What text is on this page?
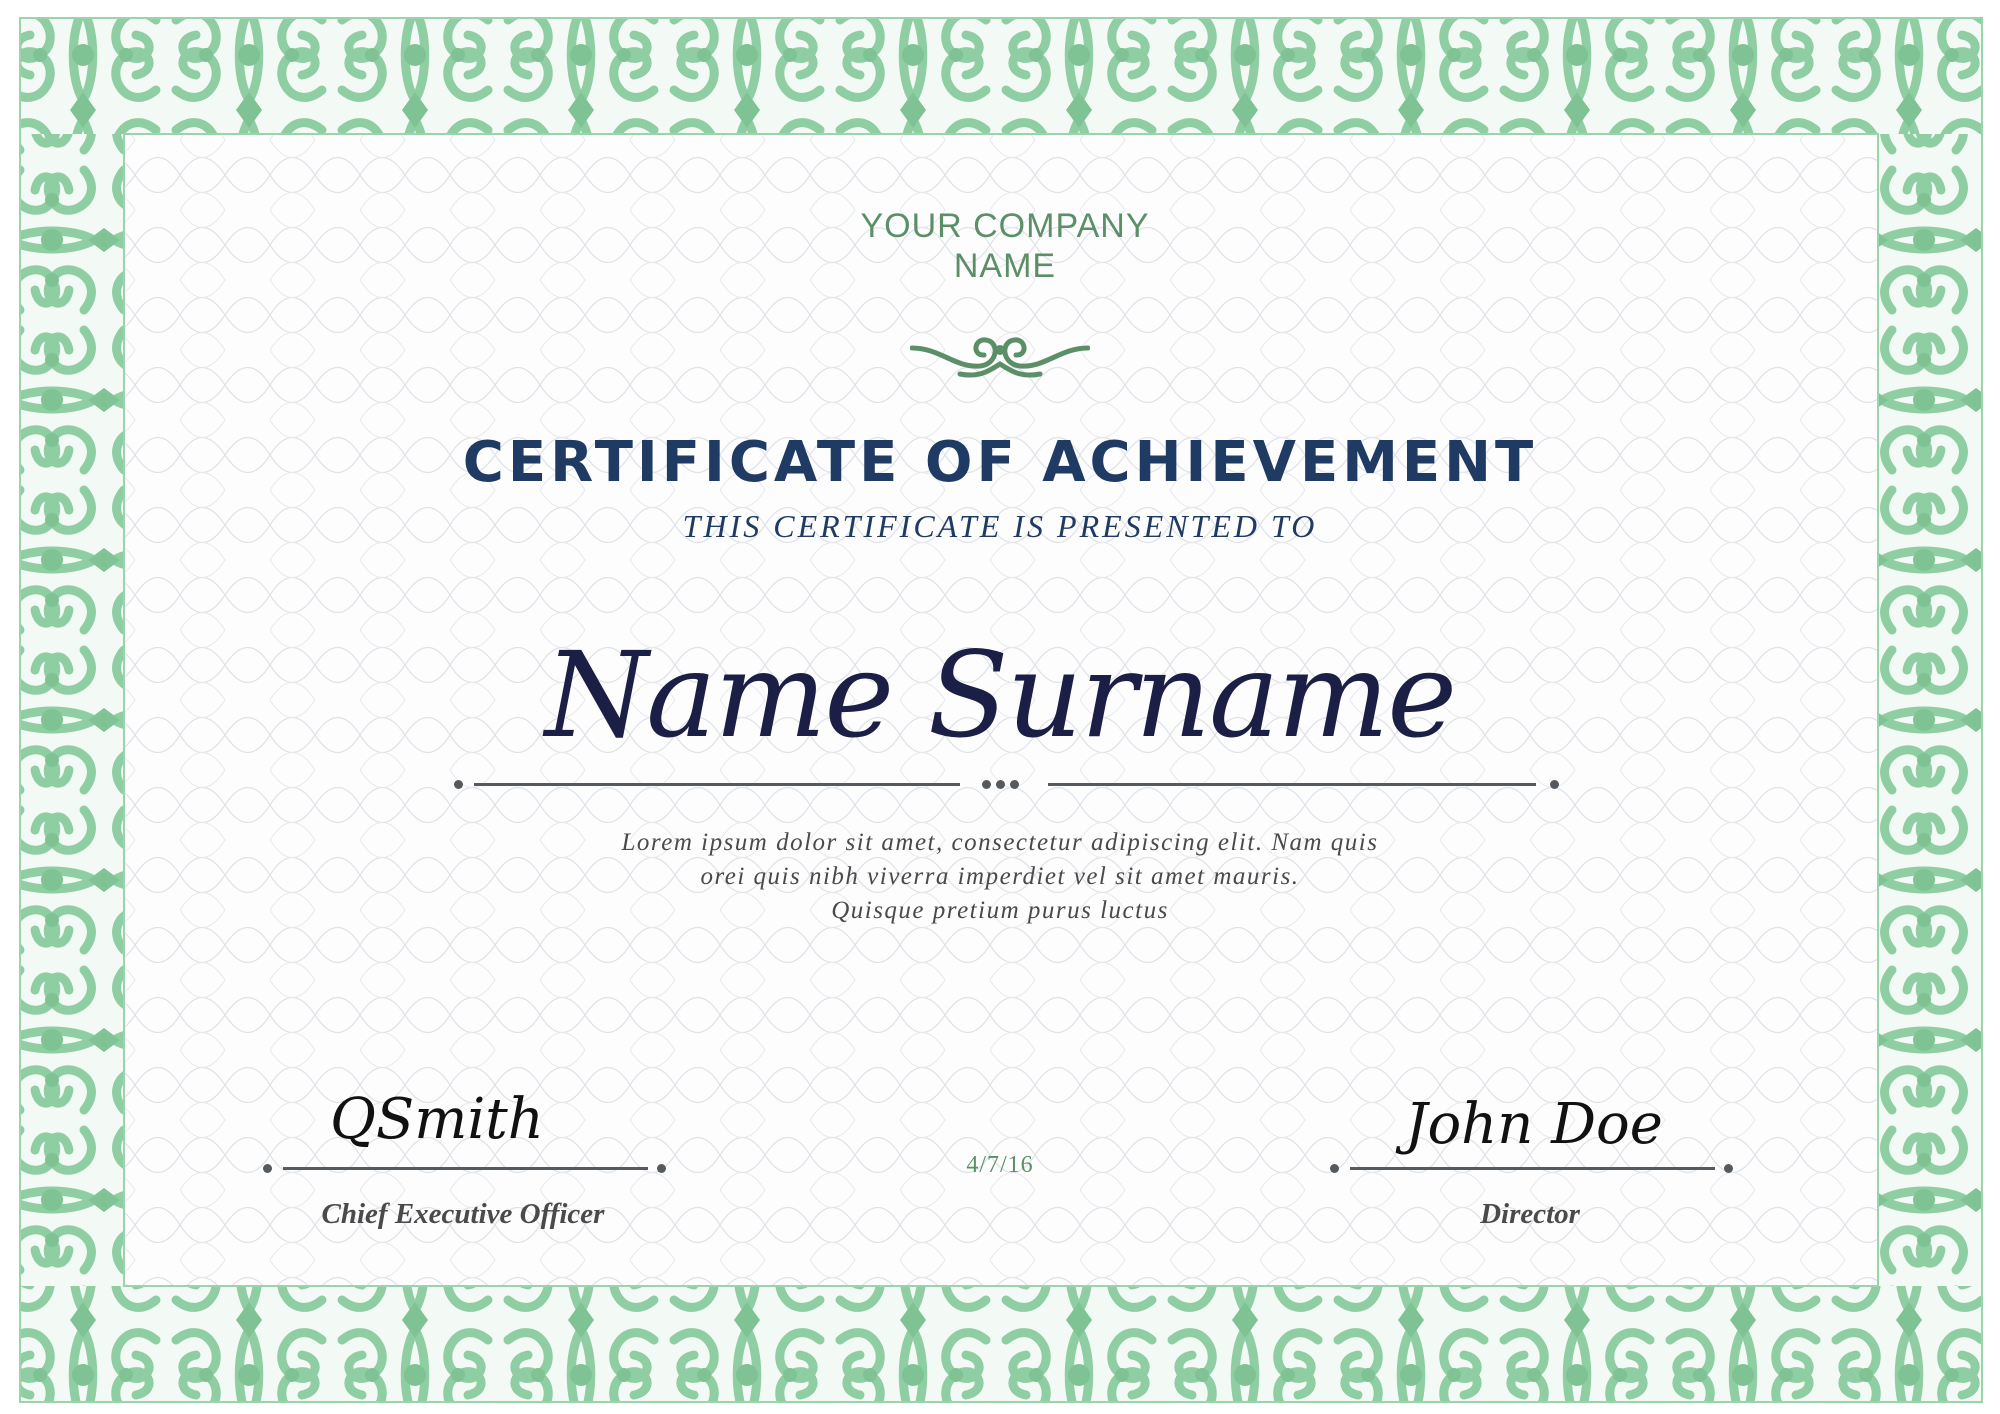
YOUR COMPANY
NAME

CERTIFICATE OF ACHIEVEMENT

THIS CERTIFICATE IS PRESENTED TO

Name Surname

Lorem ipsum dolor sit amet, consectetur adipiscing elit. Nam quis
orei quis nibh viverra imperdiet vel sit amet mauris.
Quisque pretium purus luctus

QSmith
Chief Executive Officer

4/7/16

John Doe
Director
